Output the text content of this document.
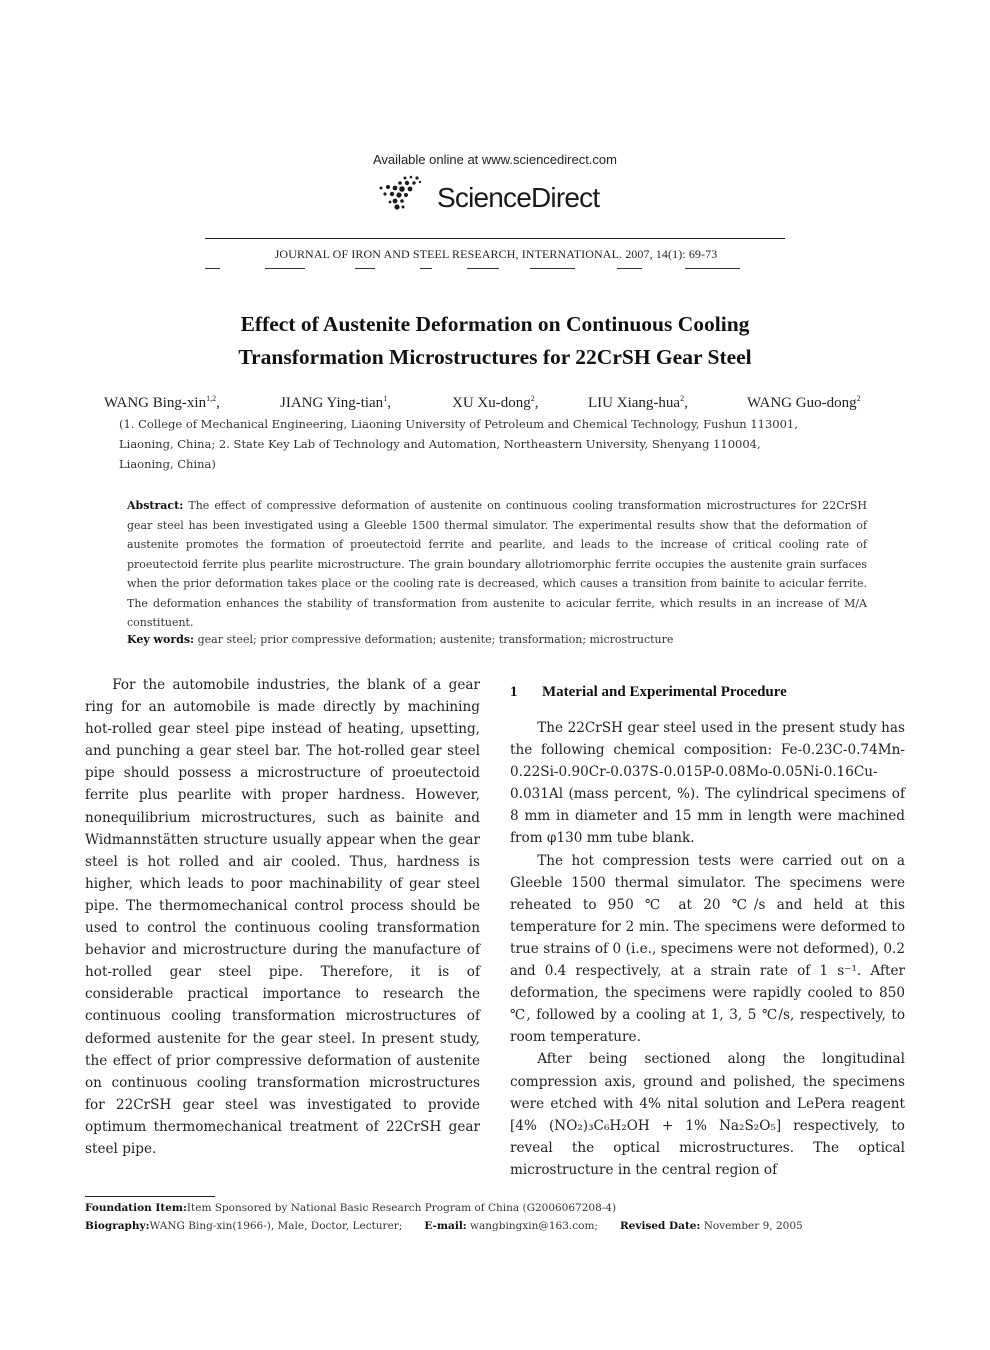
Available online at www.sciencedirect.com
ScienceDirect
JOURNAL OF IRON AND STEEL RESEARCH, INTERNATIONAL. 2007, 14(1): 69-73
Effect of Austenite Deformation on Continuous Cooling
Transformation Microstructures for 22CrSH Gear Steel
WANG Bing-xin$^{1,2}$,	JIANG Ying-tian$^1$,	XU Xu-dong$^2$,	LIU Xiang-hua$^2$,	WANG Guo-dong$^2$
(1. College of Mechanical Engineering, Liaoning University of Petroleum and Chemical Technology, Fushun 113001,
Liaoning, China; 2. State Key Lab of Technology and Automation, Northeastern University, Shenyang 110004,
Liaoning, China)
Abstract: The effect of compressive deformation of austenite on continuous cooling transformation microstructures for 22CrSH gear steel has been investigated using a Gleeble 1500 thermal simulator. The experimental results show that the deformation of austenite promotes the formation of proeutectoid ferrite and pearlite, and leads to the increase of critical cooling rate of proeutectoid ferrite plus pearlite microstructure. The grain boundary allotriomorphic ferrite occupies the austenite grain surfaces when the prior deformation takes place or the cooling rate is decreased, which causes a transition from bainite to acicular ferrite. The deformation enhances the stability of transformation from austenite to acicular ferrite, which results in an increase of M/A constituent.
Key words: gear steel; prior compressive deformation; austenite; transformation; microstructure

For the automobile industries, the blank of a gear ring for an automobile is made directly by machining hot-rolled gear steel pipe instead of heating, upsetting, and punching a gear steel bar. The hot-rolled gear steel pipe should possess a microstructure of proeutectoid ferrite plus pearlite with proper hardness. However, nonequilibrium microstructures, such as bainite and Widmannstätten structure usually appear when the gear steel is hot rolled and air cooled. Thus, hardness is higher, which leads to poor machinability of gear steel pipe. The thermomechanical control process should be used to control the continuous cooling transformation behavior and microstructure during the manufacture of hot-rolled gear steel pipe. Therefore, it is of considerable practical importance to research the continuous cooling transformation microstructures of deformed austenite for the gear steel. In present study, the effect of prior compressive deformation of austenite on continuous cooling transformation microstructures for 22CrSH gear steel was investigated to provide optimum thermomechanical treatment of 22CrSH gear steel pipe.

1 Material and Experimental Procedure

The 22CrSH gear steel used in the present study has the following chemical composition: Fe-0.23C-0.74Mn-0.22Si-0.90Cr-0.037S-0.015P-0.08Mo-0.05Ni-0.16Cu-0.031Al (mass percent, %). The cylindrical specimens of 8 mm in diameter and 15 mm in length were machined from φ130 mm tube blank.

The hot compression tests were carried out on a Gleeble 1500 thermal simulator. The specimens were reheated to 950 ℃ at 20 ℃/s and held at this temperature for 2 min. The specimens were deformed to true strains of 0 (i.e., specimens were not deformed), 0.2 and 0.4 respectively, at a strain rate of 1 s⁻¹. After deformation, the specimens were rapidly cooled to 850 ℃, followed by a cooling at 1, 3, 5 ℃/s, respectively, to room temperature.

After being sectioned along the longitudinal compression axis, ground and polished, the specimens were etched with 4% nital solution and LePera reagent [4% (NO₂)₃C₆H₂OH + 1% Na₂S₂O₅] respectively, to reveal the optical microstructures. The optical microstructure in the central region of

Foundation Item:Item Sponsored by National Basic Research Program of China (G2006067208-4)
Biography:WANG Bing-xin(1966-), Male, Doctor, Lecturer; E-mail: wangbingxin@163.com; Revised Date: November 9, 2005
